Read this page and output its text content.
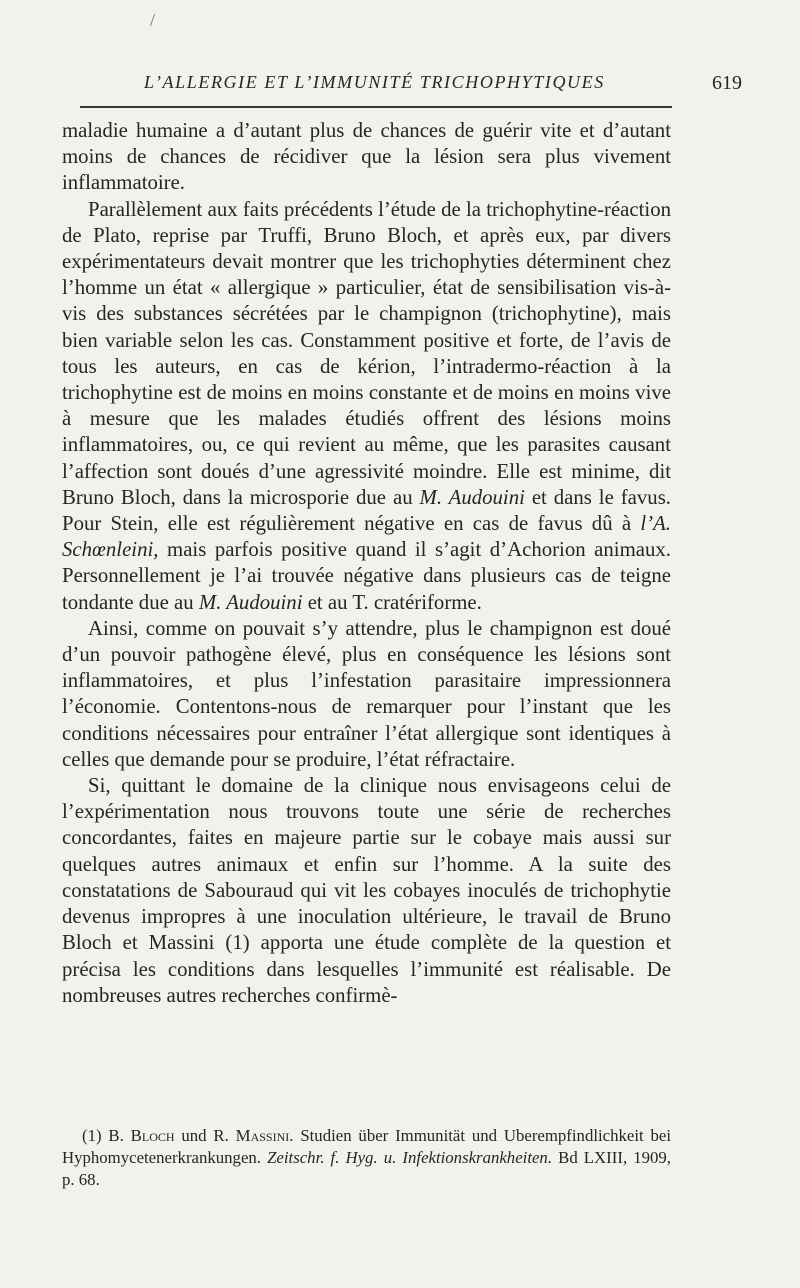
/
L’ALLERGIE ET L’IMMUNITÉ TRICHOPHYTIQUES	619

maladie humaine a d’autant plus de chances de guérir vite et d’autant moins de chances de récidiver que la lésion sera plus vivement inflammatoire.

Parallèlement aux faits précédents l’étude de la trichophytine-réaction de Plato, reprise par Truffi, Bruno Bloch, et après eux, par divers expérimentateurs devait montrer que les trichophyties déterminent chez l’homme un état « allergique » particulier, état de sensibilisation vis-à-vis des substances sécrétées par le champignon (trichophytine), mais bien variable selon les cas. Constamment positive et forte, de l’avis de tous les auteurs, en cas de kérion, l’intradermo-réaction à la trichophytine est de moins en moins constante et de moins en moins vive à mesure que les malades étudiés offrent des lésions moins inflammatoires, ou, ce qui revient au même, que les parasites causant l’affection sont doués d’une agressivité moindre. Elle est minime, dit Bruno Bloch, dans la microsporie due au M. Audouini et dans le favus. Pour Stein, elle est régulièrement négative en cas de favus dû à l’A. Schœnleini, mais parfois positive quand il s’agit d’Achorion animaux. Personnellement je l’ai trouvée négative dans plusieurs cas de teigne tondante due au M. Audouini et au T. cratériforme.

Ainsi, comme on pouvait s’y attendre, plus le champignon est doué d’un pouvoir pathogène élevé, plus en conséquence les lésions sont inflammatoires, et plus l’infestation parasitaire impressionnera l’économie. Contentons-nous de remarquer pour l’instant que les conditions nécessaires pour entraîner l’état allergique sont identiques à celles que demande pour se produire, l’état réfractaire.

Si, quittant le domaine de la clinique nous envisageons celui de l’expérimentation nous trouvons toute une série de recherches concordantes, faites en majeure partie sur le cobaye mais aussi sur quelques autres animaux et enfin sur l’homme. A la suite des constatations de Sabouraud qui vit les cobayes inoculés de trichophytie devenus impropres à une inoculation ultérieure, le travail de Bruno Bloch et Massini (1) apporta une étude complète de la question et précisa les conditions dans lesquelles l’immunité est réalisable. De nombreuses autres recherches confirmè-

(1) B. Bloch und R. Massini. Studien über Immunität und Uberempfindlichkeit bei Hyphomycetenerkrankungen. Zeitschr. f. Hyg. u. Infektionskrankheiten. Bd LXIII, 1909, p. 68.
